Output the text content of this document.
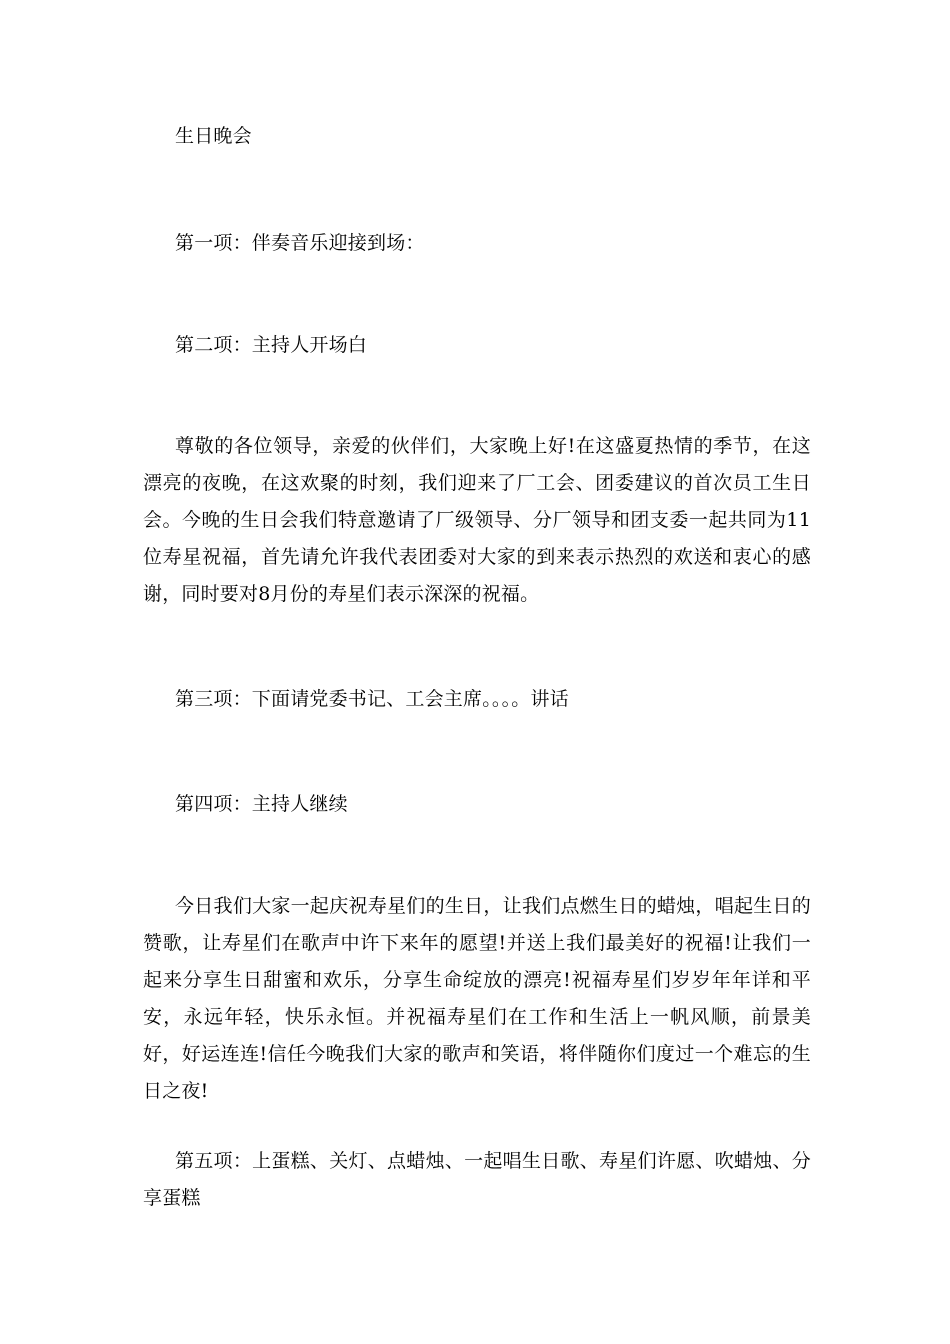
生日晚会

第一项：伴奏音乐迎接到场：

第二项：主持人开场白

尊敬的各位领导，亲爱的伙伴们，大家晚上好!在这盛夏热情的季节，在这漂亮的夜晚，在这欢聚的时刻，我们迎来了厂工会、团委建议的首次员工生日会。今晚的生日会我们特意邀请了厂级领导、分厂领导和团支委一起共同为11位寿星祝福，首先请允许我代表团委对大家的到来表示热烈的欢送和衷心的感谢，同时要对8月份的寿星们表示深深的祝福。

第三项：下面请党委书记、工会主席。。。。讲话

第四项：主持人继续

今日我们大家一起庆祝寿星们的生日，让我们点燃生日的蜡烛，唱起生日的赞歌，让寿星们在歌声中许下来年的愿望!并送上我们最美好的祝福!让我们一起来分享生日甜蜜和欢乐，分享生命绽放的漂亮!祝福寿星们岁岁年年详和平安，永远年轻，快乐永恒。并祝福寿星们在工作和生活上一帆风顺，前景美好，好运连连!信任今晚我们大家的歌声和笑语，将伴随你们度过一个难忘的生日之夜!

第五项：上蛋糕、关灯、点蜡烛、一起唱生日歌、寿星们许愿、吹蜡烛、分享蛋糕
